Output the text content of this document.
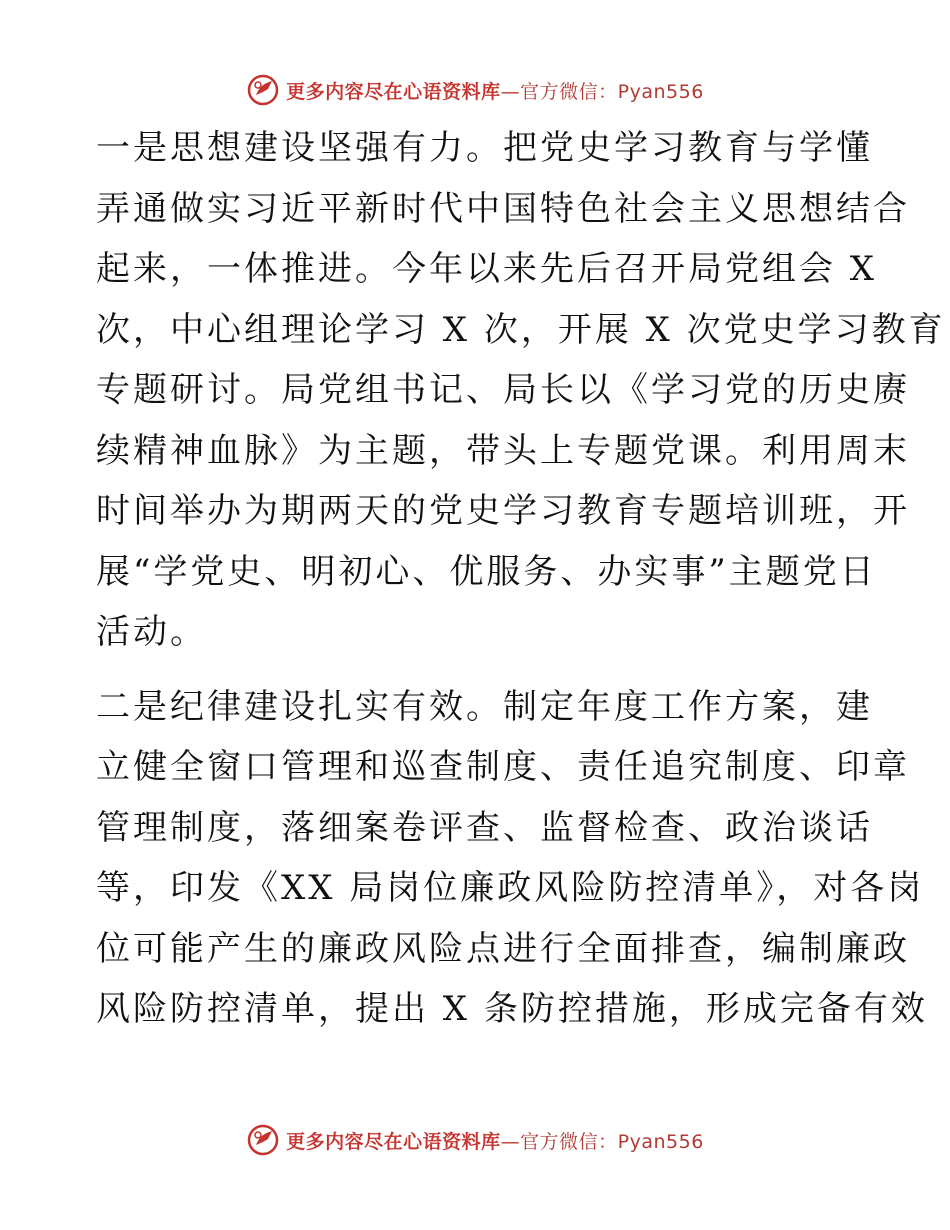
更多内容尽在心语资料库—官方微信：Pyan556

一是思想建设坚强有力。把党史学习教育与学懂
弄通做实习近平新时代中国特色社会主义思想结合
起来，一体推进。今年以来先后召开局党组会 X
次，中心组理论学习 X 次，开展 X 次党史学习教育
专题研讨。局党组书记、局长以《学习党的历史赓
续精神血脉》为主题，带头上专题党课。利用周末
时间举办为期两天的党史学习教育专题培训班，开
展“学党史、明初心、优服务、办实事”主题党日
活动。

二是纪律建设扎实有效。制定年度工作方案，建
立健全窗口管理和巡查制度、责任追究制度、印章
管理制度，落细案卷评查、监督检查、政治谈话
等，印发《XX 局岗位廉政风险防控清单》，对各岗
位可能产生的廉政风险点进行全面排查，编制廉政
风险防控清单，提出 X 条防控措施，形成完备有效

更多内容尽在心语资料库—官方微信：Pyan556
